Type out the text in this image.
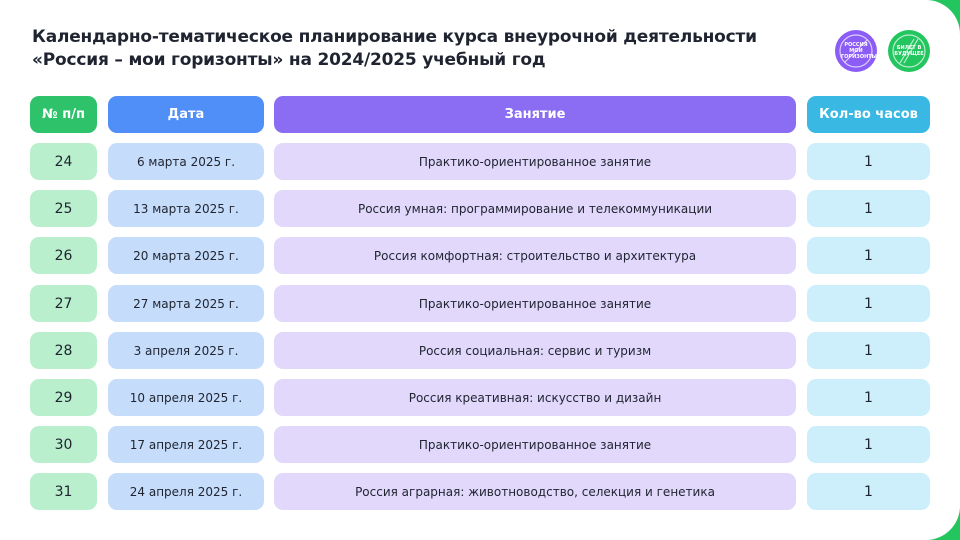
Календарно-тематическое планирование курса внеурочной деятельности
«Россия – мои горизонты» на 2024/2025 учебный год
РОССИЯ МОИ ГОРИЗОНТЫ
БИЛЕТ В БУДУЩЕЕ
№ п/п	Дата	Занятие	Кол-во часов
24	6 марта 2025 г.	Практико-ориентированное занятие	1
25	13 марта 2025 г.	Россия умная: программирование и телекоммуникации	1
26	20 марта 2025 г.	Россия комфортная: строительство и архитектура	1
27	27 марта 2025 г.	Практико-ориентированное занятие	1
28	3 апреля 2025 г.	Россия социальная: сервис и туризм	1
29	10 апреля 2025 г.	Россия креативная: искусство и дизайн	1
30	17 апреля 2025 г.	Практико-ориентированное занятие	1
31	24 апреля 2025 г.	Россия аграрная: животноводство, селекция и генетика	1
